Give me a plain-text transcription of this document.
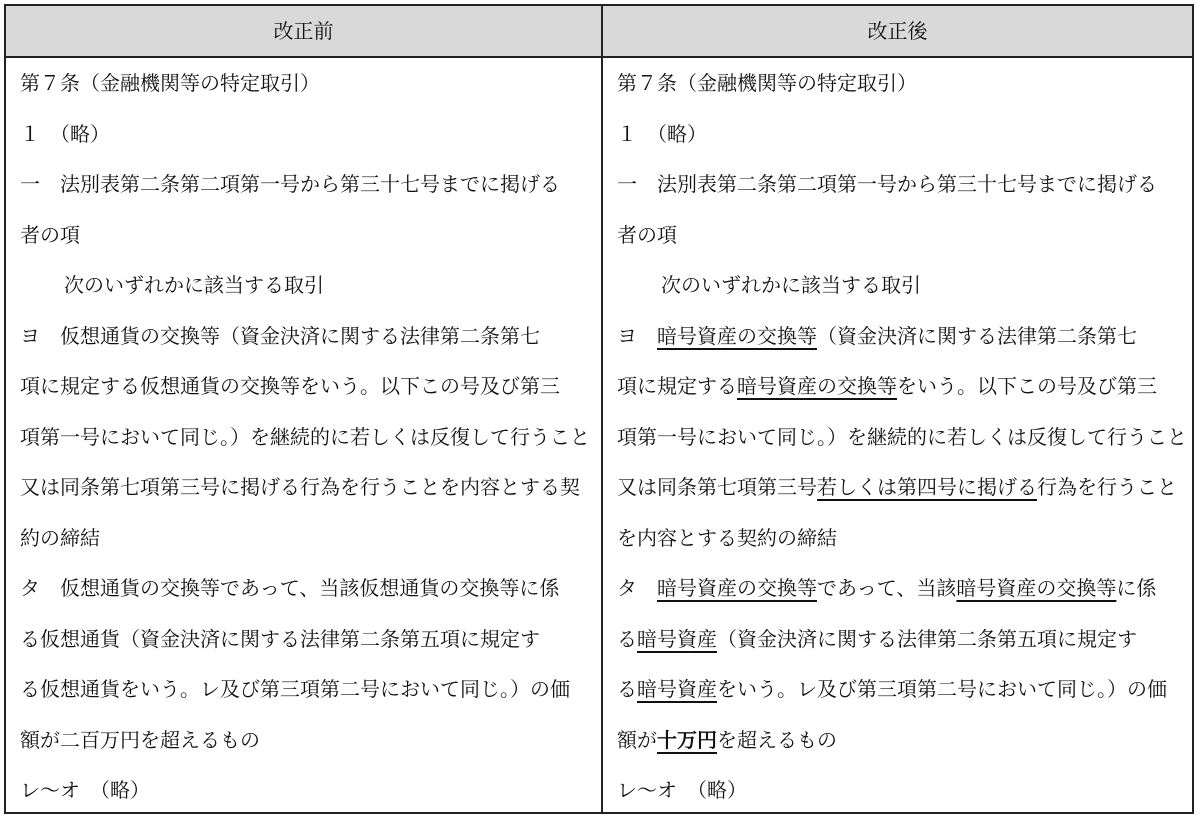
改正前	改正後
第７条（金融機関等の特定取引）
１　（略）
一　法別表第二条第二項第一号から第三十七号までに掲げる
者の項
次のいずれかに該当する取引
ヨ　仮想通貨の交換等（資金決済に関する法律第二条第七
項に規定する仮想通貨の交換等をいう。以下この号及び第三
項第一号において同じ。）を継続的に若しくは反復して行うこと
又は同条第七項第三号に掲げる行為を行うことを内容とする契
約の締結
タ　仮想通貨の交換等であって、当該仮想通貨の交換等に係
る仮想通貨（資金決済に関する法律第二条第五項に規定す
る仮想通貨をいう。レ及び第三項第二号において同じ。）の価
額が二百万円を超えるもの
レ～オ　（略）
第７条（金融機関等の特定取引）
１　（略）
一　法別表第二条第二項第一号から第三十七号までに掲げる
者の項
次のいずれかに該当する取引
ヨ　暗号資産の交換等（資金決済に関する法律第二条第七
項に規定する暗号資産の交換等をいう。以下この号及び第三
項第一号において同じ。）を継続的に若しくは反復して行うこと
又は同条第七項第三号若しくは第四号に掲げる行為を行うこと
を内容とする契約の締結
タ　暗号資産の交換等であって、当該暗号資産の交換等に係
る暗号資産（資金決済に関する法律第二条第五項に規定す
る暗号資産をいう。レ及び第三項第二号において同じ。）の価
額が十万円を超えるもの
レ～オ　（略）
